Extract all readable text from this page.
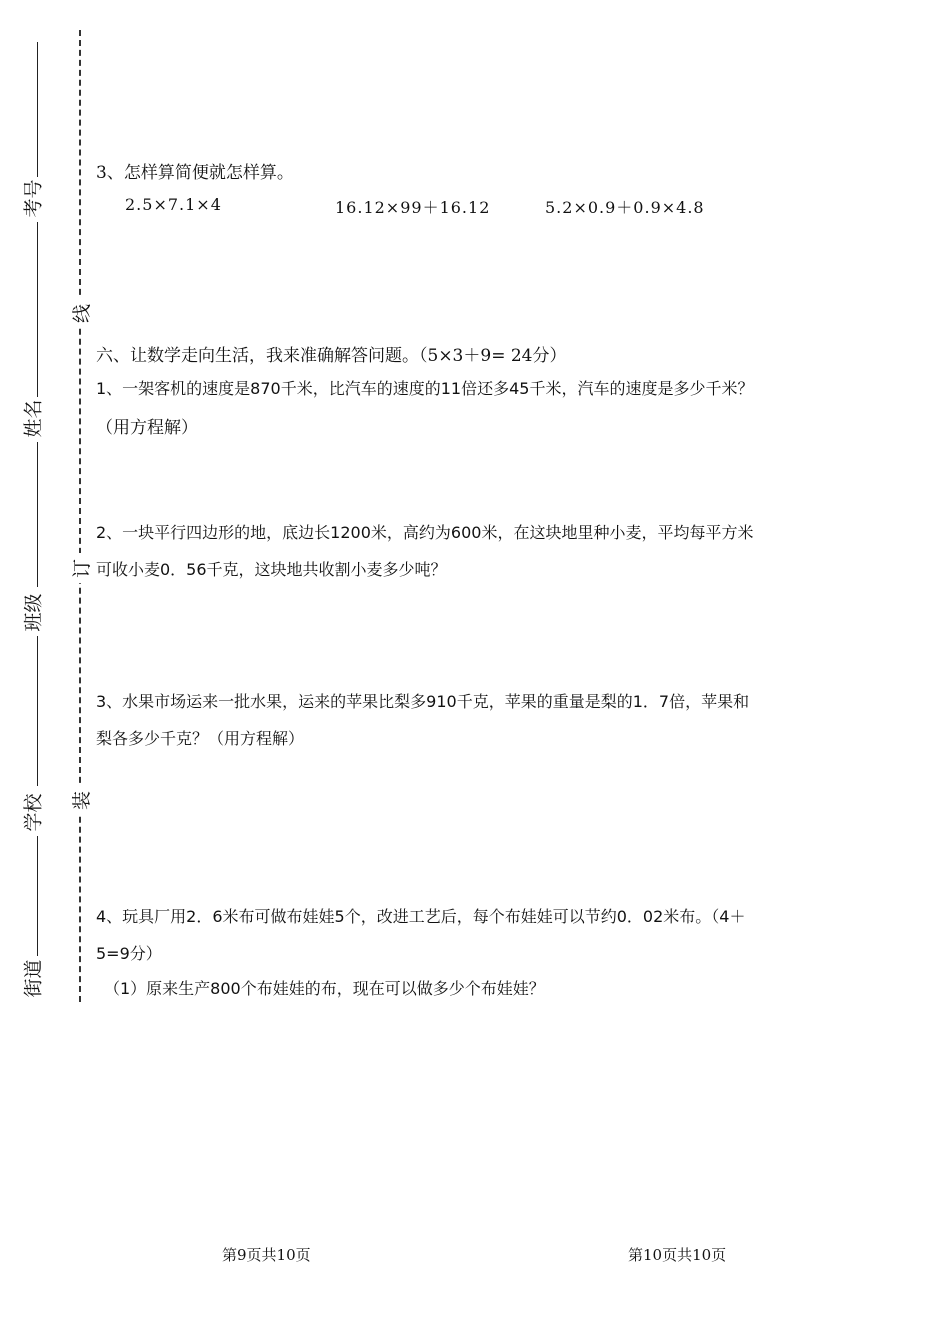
考号
姓名
班级
学校
街道
线
订
装
3、怎样算简便就怎样算。
2.5×7.1×4	16.12×99＋16.12	5.2×0.9＋0.9×4.8
六、让数学走向生活，我来准确解答问题。（5×3＋9= 24分）
1、一架客机的速度是870千米，比汽车的速度的11倍还多45千米，汽车的速度是多少千米？
（用方程解）
2、一块平行四边形的地，底边长1200米，高约为600米，在这块地里种小麦，平均每平方米
可收小麦0．56千克，这块地共收割小麦多少吨？
3、水果市场运来一批水果，运来的苹果比梨多910千克，苹果的重量是梨的1．7倍，苹果和
梨各多少千克？（用方程解）
4、玩具厂用2．6米布可做布娃娃5个，改进工艺后，每个布娃娃可以节约0．02米布。（4＋
5=9分）
（1）原来生产800个布娃娃的布，现在可以做多少个布娃娃？
第9页共10页	第10页共10页
